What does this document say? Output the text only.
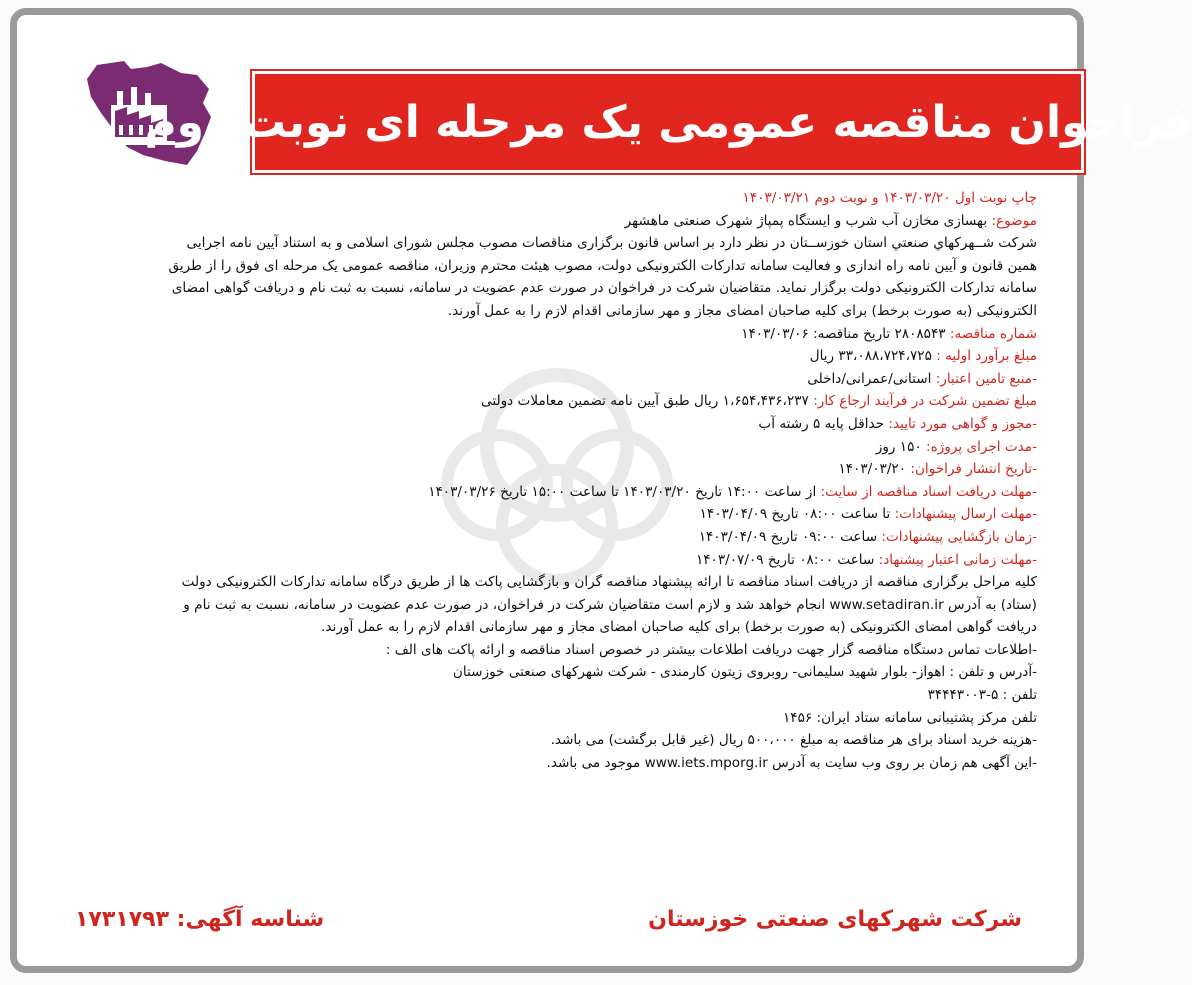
فراخوان مناقصه عمومی یک مرحله ای نوبت دوم

چاپ نوبت اول ۱۴۰۳/۰۳/۲۰ و نوبت دوم ۱۴۰۳/۰۳/۲۱

موضوع: بهسازی مخازن آب شرب و ایستگاه پمپاژ شهرک صنعتی ماهشهر

شرکت شــهرکهاي صنعتي استان خوزســتان در نظر دارد بر اساس قانون برگزاری مناقصات مصوب مجلس شورای اسلامی و به استناد آیین نامه اجرایی

همین قانون و آیین نامه راه اندازی و فعالیت سامانه تدارکات الکترونیکی دولت، مصوب هیئت محترم وزیران، مناقصه عمومی یک مرحله ای فوق را از طریق

سامانه تدارکات الکترونیکی دولت برگزار نماید. متقاضیان شرکت در فراخوان در صورت عدم عضویت در سامانه، نسبت به ثبت نام و دریافت گواهی امضای

الکترونیکی (به صورت برخط) برای کلیه صاحبان امضای مجاز و مهر سازمانی اقدام لازم را به عمل آورند.

شماره مناقصه: ۲۸۰۸۵۴۳ تاریخ مناقصه: ۱۴۰۳/۰۳/۰۶

مبلغ برآورد اولیه : ۳۳،۰۸۸،۷۲۴،۷۲۵ ریال

-منبع تامین اعتبار: استانی/عمرانی/داخلی

مبلغ تضمین شرکت در فرآیند ارجاع کار: ۱،۶۵۴،۴۳۶،۲۳۷ ریال طبق آیین نامه تضمین معاملات دولتی

-مجوز و گواهی مورد تایید: حداقل پایه ۵ رشته آب

-مدت اجرای پروژه: ۱۵۰ روز

-تاریخ انتشار فراخوان: ۱۴۰۳/۰۳/۲۰

-مهلت دریافت اسناد مناقصه از سایت: از ساعت ۱۴:۰۰ تاریخ ۱۴۰۳/۰۳/۲۰ تا ساعت ۱۵:۰۰ تاریخ ۱۴۰۳/۰۳/۲۶

-مهلت ارسال پیشنهادات: تا ساعت ۰۸:۰۰ تاریخ ۱۴۰۳/۰۴/۰۹

-زمان بازگشایی پیشنهادات: ساعت ۰۹:۰۰ تاریخ ۱۴۰۳/۰۴/۰۹

-مهلت زمانی اعتبار پیشنهاد: ساعت ۰۸:۰۰ تاریخ ۱۴۰۳/۰۷/۰۹

کلیه مراحل برگزاری مناقصه از دریافت اسناد مناقصه تا ارائه پیشنهاد مناقصه گران و بازگشایی پاکت ها از طریق درگاه سامانه تدارکات الکترونیکی دولت

(ستاد) به آدرس www.setadiran.ir انجام خواهد شد و لازم است متقاضیان شرکت در فراخوان، در صورت عدم عضویت در سامانه، نسبت به ثبت نام و

دریافت گواهی امضای الکترونیکی (به صورت برخط) برای کلیه صاحبان امضای مجاز و مهر سازمانی اقدام لازم را به عمل آورند.

-اطلاعات تماس دستگاه مناقصه گزار جهت دریافت اطلاعات بیشتر در خصوص اسناد مناقصه و ارائه پاکت های الف :

-آدرس و تلفن : اهواز- بلوار شهید سلیمانی- روبروی زیتون کارمندی - شرکت شهرکهای صنعتی خوزستان

تلفن : ۵-۳۴۴۴۳۰۰۳

تلفن مرکز پشتیبانی سامانه ستاد ایران: ۱۴۵۶

-هزینه خرید اسناد برای هر مناقصه به مبلغ ۵۰۰،۰۰۰ ریال (غیر قابل برگشت) می باشد.

-این آگهی هم زمان بر روی وب سایت به آدرس www.iets.mporg.ir موجود می باشد.

شناسه آگهی: ۱۷۳۱۷۹۳	شرکت شهرکهای صنعتی خوزستان
